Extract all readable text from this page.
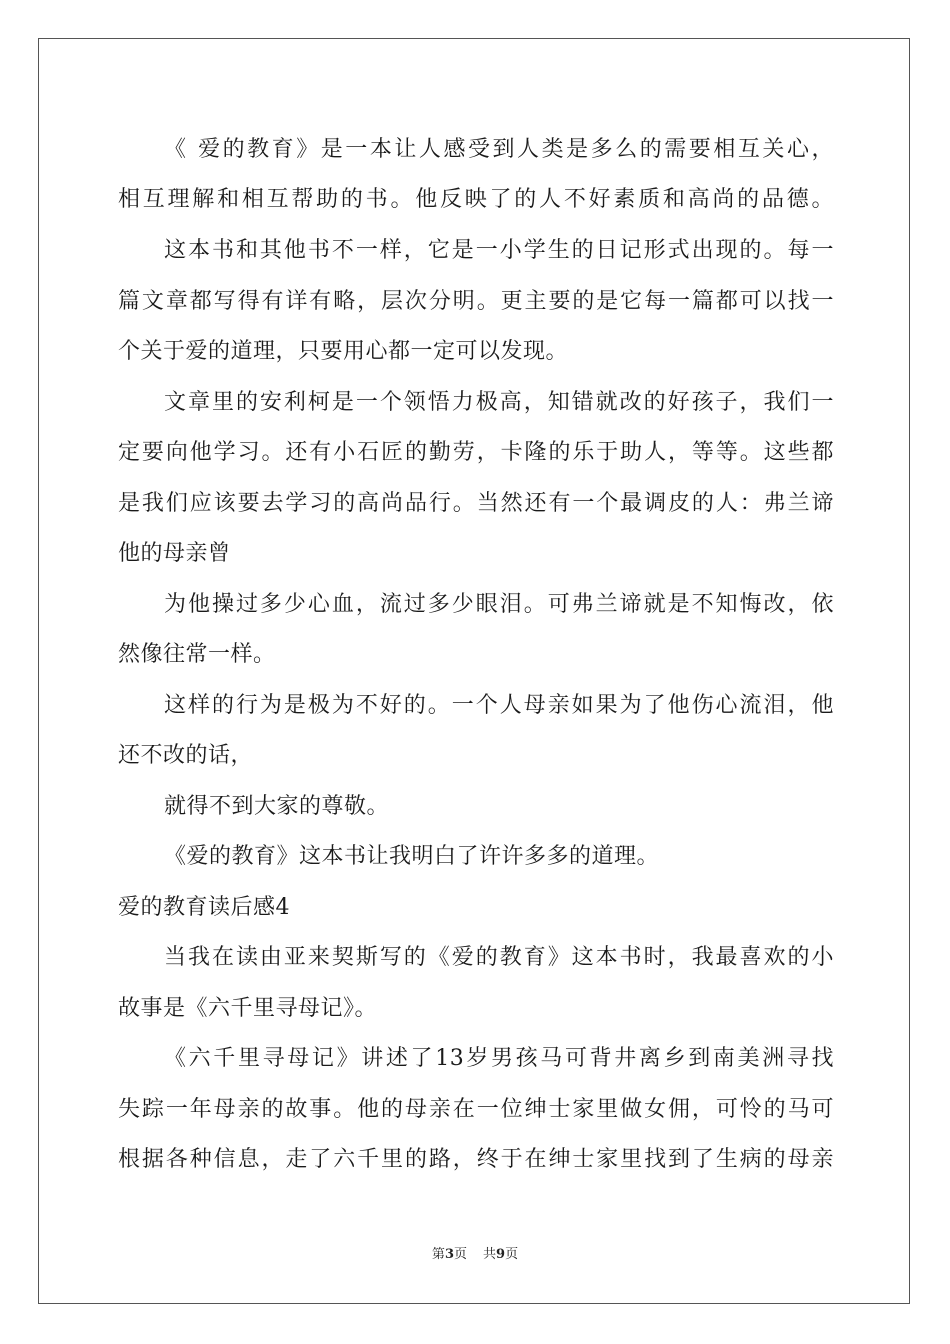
《 爱的教育》是一本让人感受到人类是多么的需要相互关心，
相互理解和相互帮助的书。他反映了的人不好素质和高尚的品德。
这本书和其他书不一样，它是一小学生的日记形式出现的。每一
篇文章都写得有详有略，层次分明。更主要的是它每一篇都可以找一
个关于爱的道理，只要用心都一定可以发现。
文章里的安利柯是一个领悟力极高，知错就改的好孩子，我们一
定要向他学习。还有小石匠的勤劳，卡隆的乐于助人，等等。这些都
是我们应该要去学习的高尚品行。当然还有一个最调皮的人：弗兰谛
他的母亲曾
为他操过多少心血，流过多少眼泪。可弗兰谛就是不知悔改，依
然像往常一样。
这样的行为是极为不好的。一个人母亲如果为了他伤心流泪，他
还不改的话，
就得不到大家的尊敬。
《爱的教育》这本书让我明白了许许多多的道理。
爱的教育读后感4
当我在读由亚来契斯写的《爱的教育》这本书时，我最喜欢的小
故事是《六千里寻母记》。
《六千里寻母记》讲述了13岁男孩马可背井离乡到南美洲寻找
失踪一年母亲的故事。他的母亲在一位绅士家里做女佣，可怜的马可
根据各种信息，走了六千里的路，终于在绅士家里找到了生病的母亲
第3页 共9页
